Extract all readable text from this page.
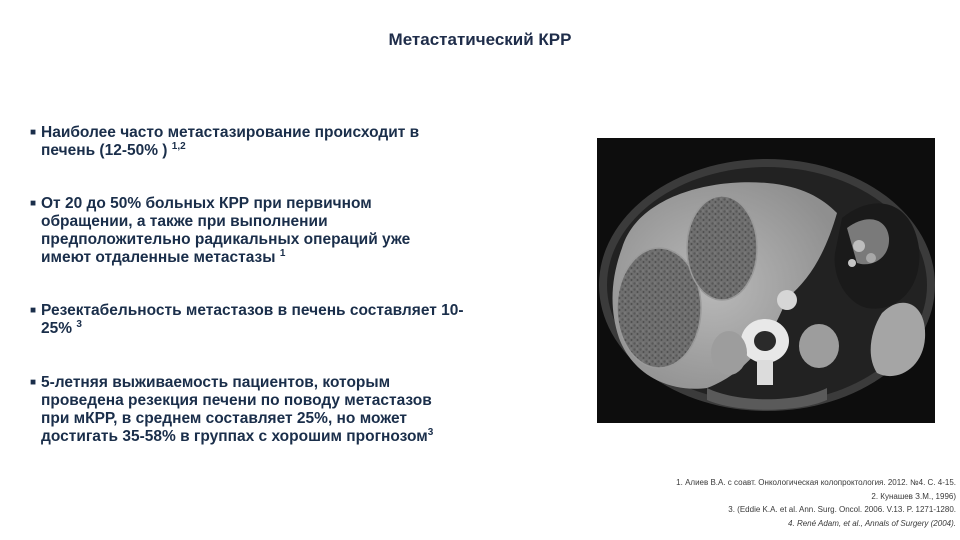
Метастатический КРР
■ Наиболее часто метастазирование происходит в
печень (12-50% ) $^{1,2}$
■ От 20 до 50% больных КРР при первичном
обращении, а также при выполнении
предположительно радикальных операций уже
имеют отдаленные метастазы $^1$
■ Резектабельность метастазов в печень составляет 10-
25% $^3$
■ 5-летняя выживаемость пациентов, которым
проведена резекция печени по поводу метастазов
при мКРР, в среднем составляет 25%, но может
достигать 35-58% в группах с хорошим прогнозом$^3$
1. Алиев В.А. с соавт. Онкологическая колопроктология. 2012. №4. С. 4-15.
2. Кунашев З.М., 1996)
3. (Eddie K.A. et al. Ann. Surg. Oncol. 2006. V.13. P. 1271-1280.
4. René Adam, et al., Annals of Surgery (2004).
